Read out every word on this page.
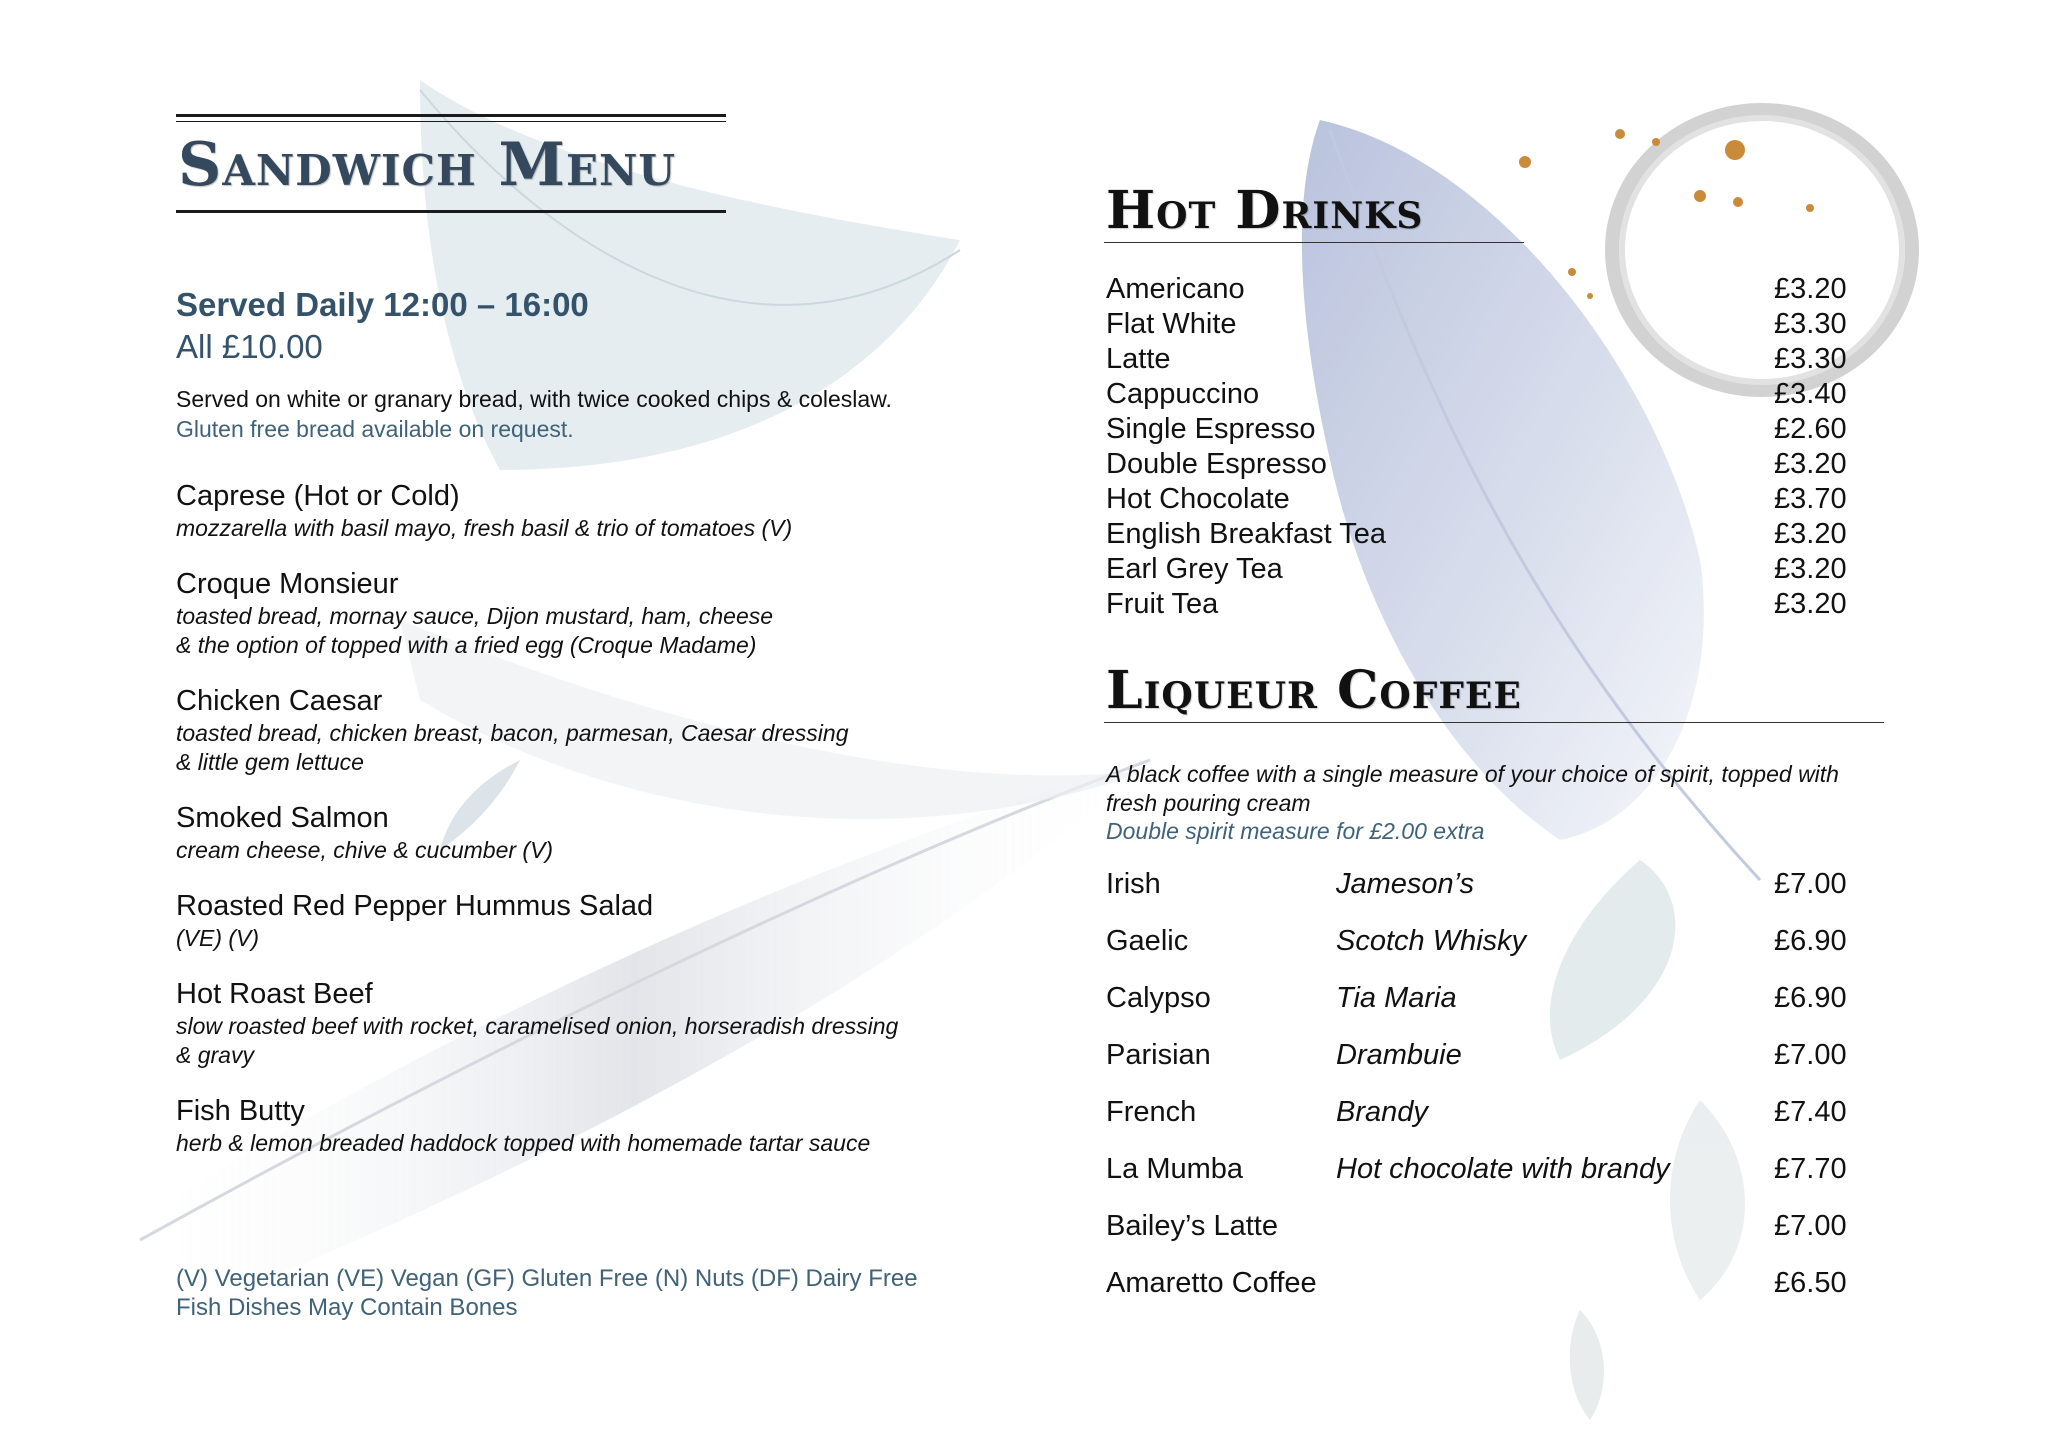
Sandwich Menu
Served Daily 12:00 – 16:00
All £10.00
Served on white or granary bread, with twice cooked chips & coleslaw.
Gluten free bread available on request.
Caprese (Hot or Cold)
mozzarella with basil mayo, fresh basil & trio of tomatoes (V)
Croque Monsieur
toasted bread, mornay sauce, Dijon mustard, ham, cheese
& the option of topped with a fried egg (Croque Madame)
Chicken Caesar
toasted bread, chicken breast, bacon, parmesan, Caesar dressing
& little gem lettuce
Smoked Salmon
cream cheese, chive & cucumber (V)
Roasted Red Pepper Hummus Salad
(VE) (V)
Hot Roast Beef
slow roasted beef with rocket, caramelised onion, horseradish dressing
& gravy
Fish Butty
herb & lemon breaded haddock topped with homemade tartar sauce
(V) Vegetarian (VE) Vegan (GF) Gluten Free (N) Nuts (DF) Dairy Free
Fish Dishes May Contain Bones
Hot Drinks
Americano	£3.20
Flat White	£3.30
Latte	£3.30
Cappuccino	£3.40
Single Espresso	£2.60
Double Espresso	£3.20
Hot Chocolate	£3.70
English Breakfast Tea	£3.20
Earl Grey Tea	£3.20
Fruit Tea	£3.20
Liqueur Coffee
A black coffee with a single measure of your choice of spirit, topped with fresh pouring cream
Double spirit measure for £2.00 extra
Irish	Jameson’s	£7.00
Gaelic	Scotch Whisky	£6.90
Calypso	Tia Maria	£6.90
Parisian	Drambuie	£7.00
French	Brandy	£7.40
La Mumba	Hot chocolate with brandy	£7.70
Bailey’s Latte	£7.00
Amaretto Coffee	£6.50
